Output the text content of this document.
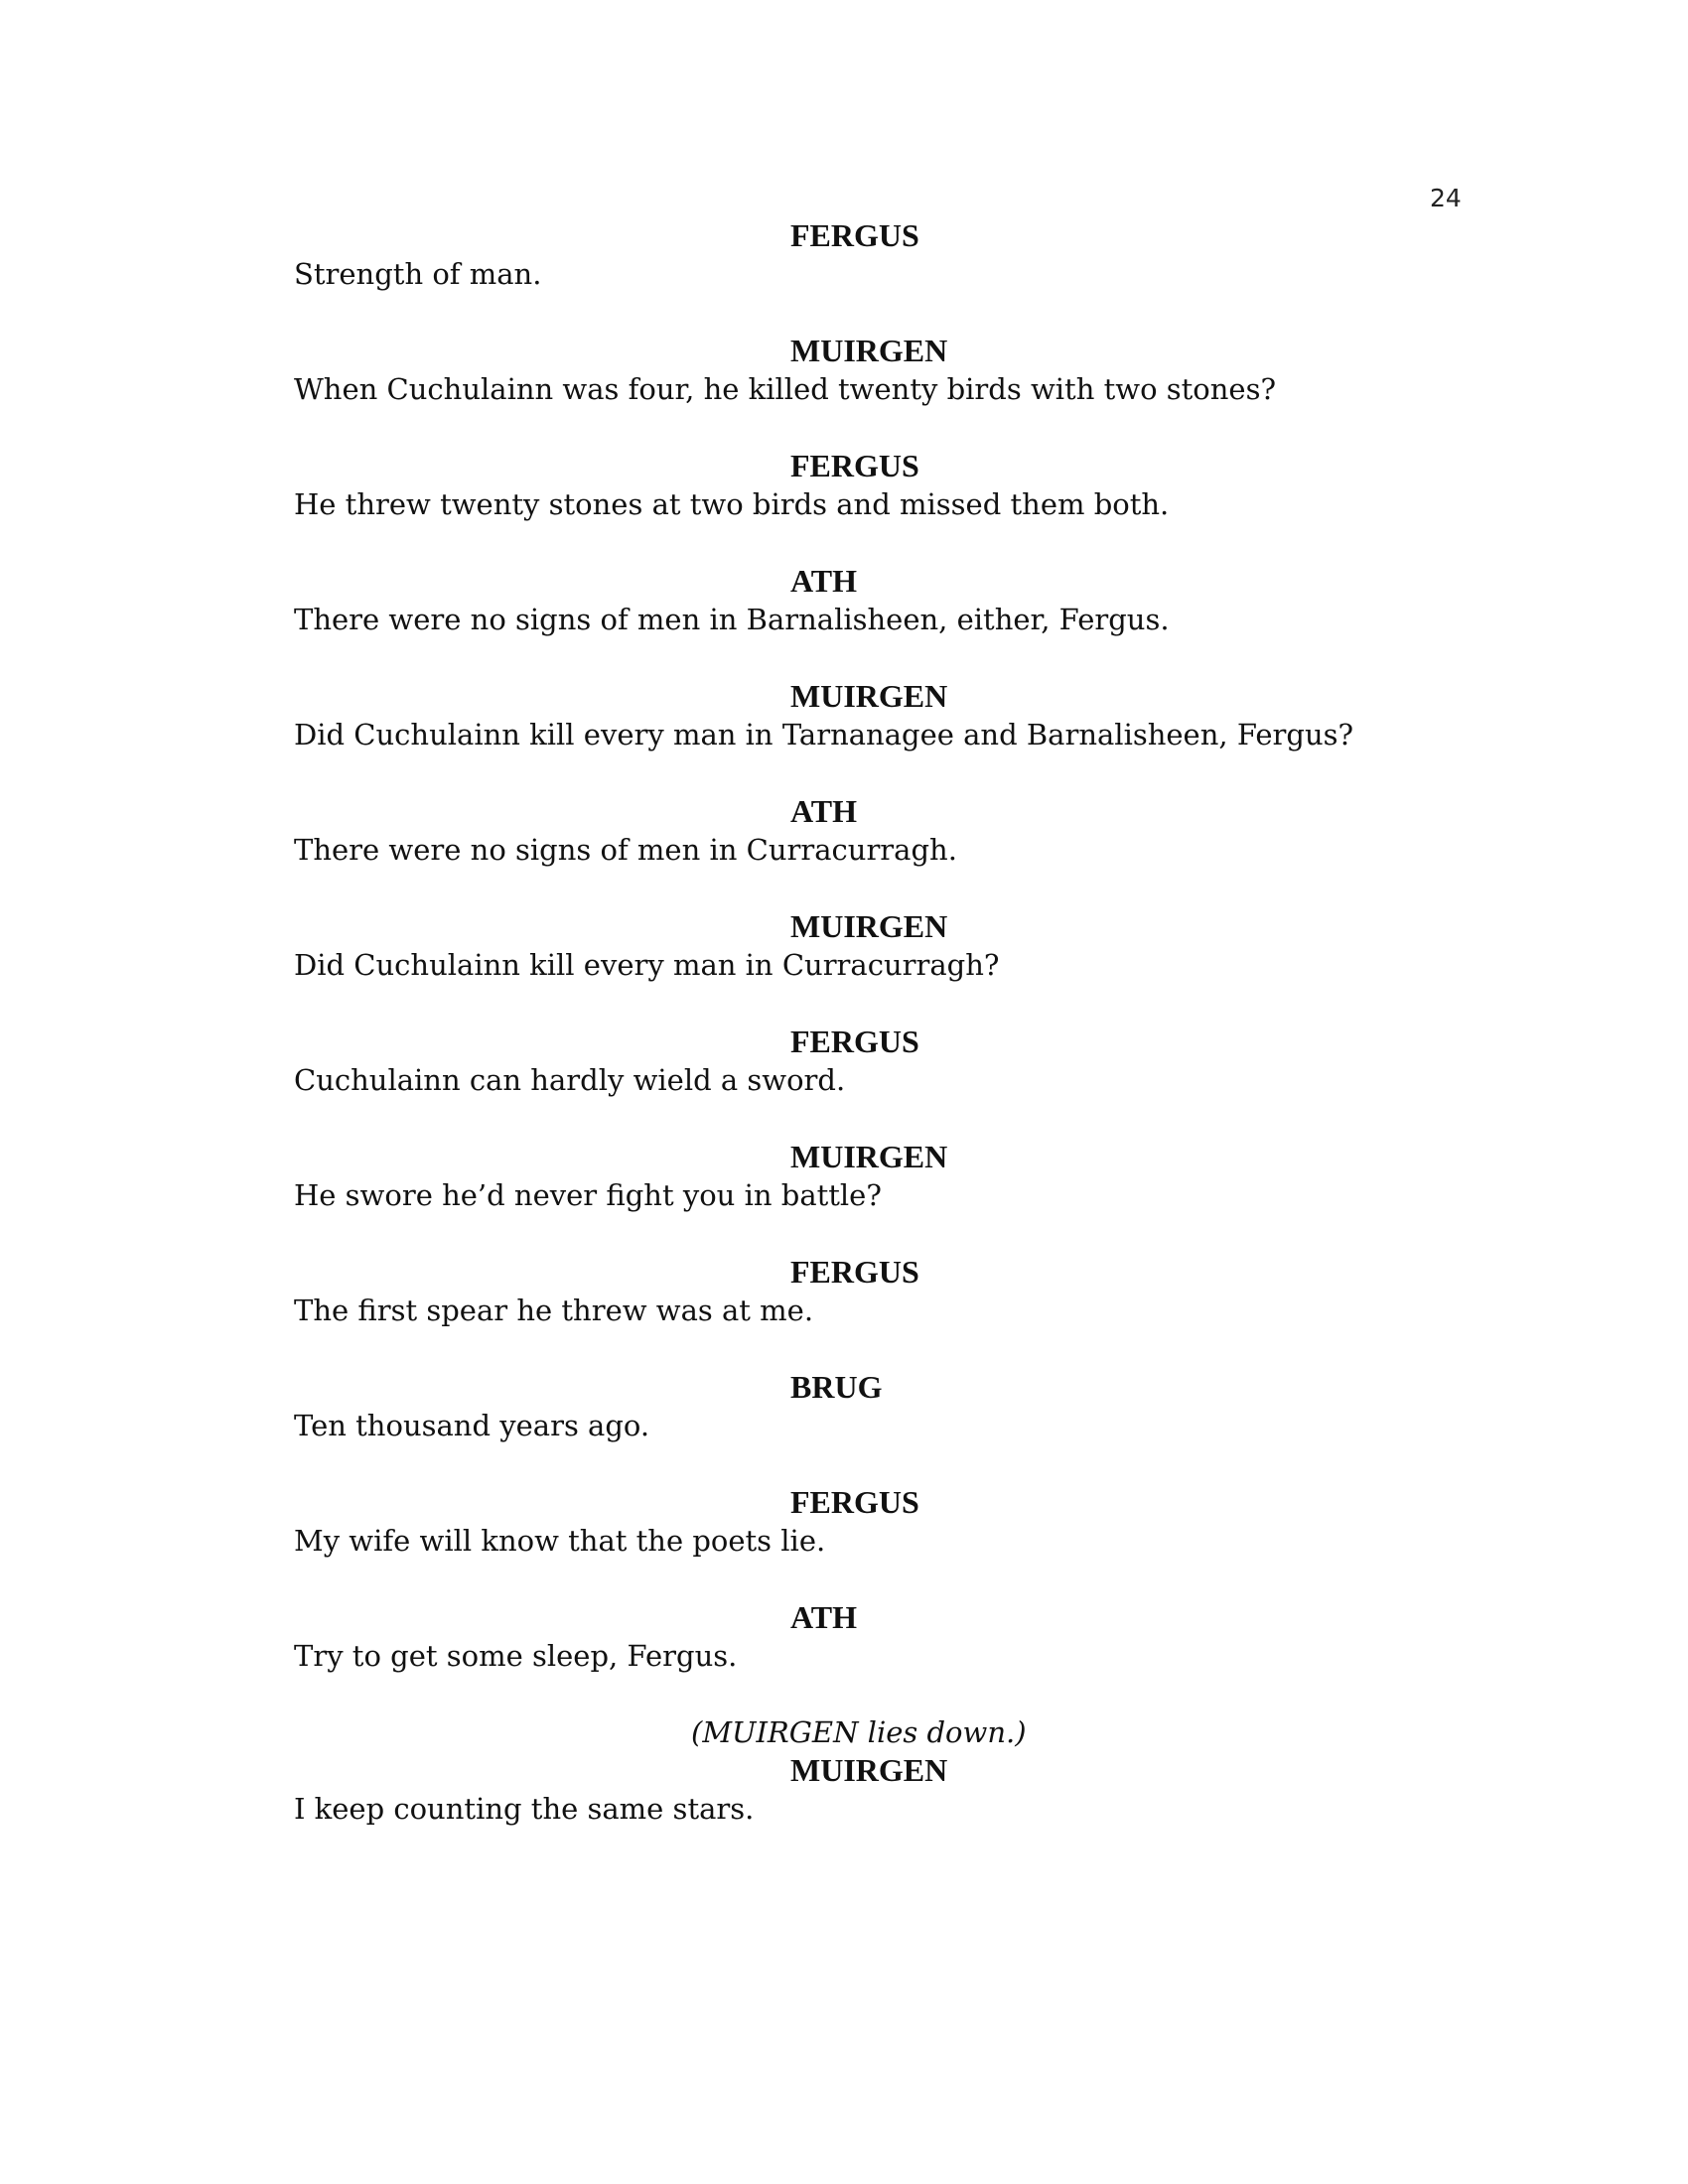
24
FERGUS
Strength of man.
MUIRGEN
When Cuchulainn was four, he killed twenty birds with two stones?
FERGUS
He threw twenty stones at two birds and missed them both.
ATH
There were no signs of men in Barnalisheen, either, Fergus.
MUIRGEN
Did Cuchulainn kill every man in Tarnanagee and Barnalisheen, Fergus?
ATH
There were no signs of men in Curracurragh.
MUIRGEN
Did Cuchulainn kill every man in Curracurragh?
FERGUS
Cuchulainn can hardly wield a sword.
MUIRGEN
He swore he’d never fight you in battle?
FERGUS
The first spear he threw was at me.
BRUG
Ten thousand years ago.
FERGUS
My wife will know that the poets lie.
ATH
Try to get some sleep, Fergus.
(MUIRGEN lies down.)
MUIRGEN
I keep counting the same stars.
